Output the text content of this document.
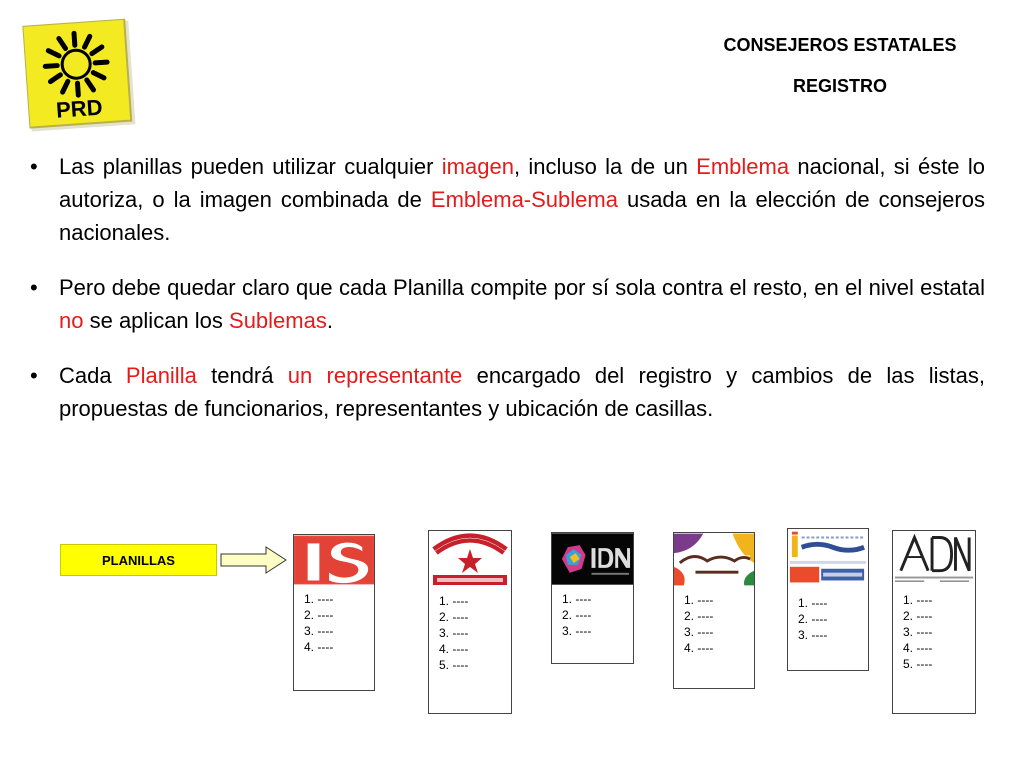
PRD
CONSEJEROS ESTATALES
REGISTRO
• Las planillas pueden utilizar cualquier imagen, incluso la de un Emblema nacional, si éste lo autoriza, o la imagen combinada de Emblema-Sublema usada en la elección de consejeros nacionales.
• Pero debe quedar claro que cada Planilla compite por sí sola contra el resto, en el nivel estatal no se aplican los Sublemas.
• Cada Planilla tendrá un representante encargado del registro y cambios de las listas, propuestas de funcionarios, representantes y ubicación de casillas.
PLANILLAS
1. ----
2. ----
3. ----
4. ----
1. ----
2. ----
3. ----
4. ----
5. ----
1. ----
2. ----
3. ----
1. ----
2. ----
3. ----
4. ----
1. ----
2. ----
3. ----
1. ----
2. ----
3. ----
4. ----
5. ----
